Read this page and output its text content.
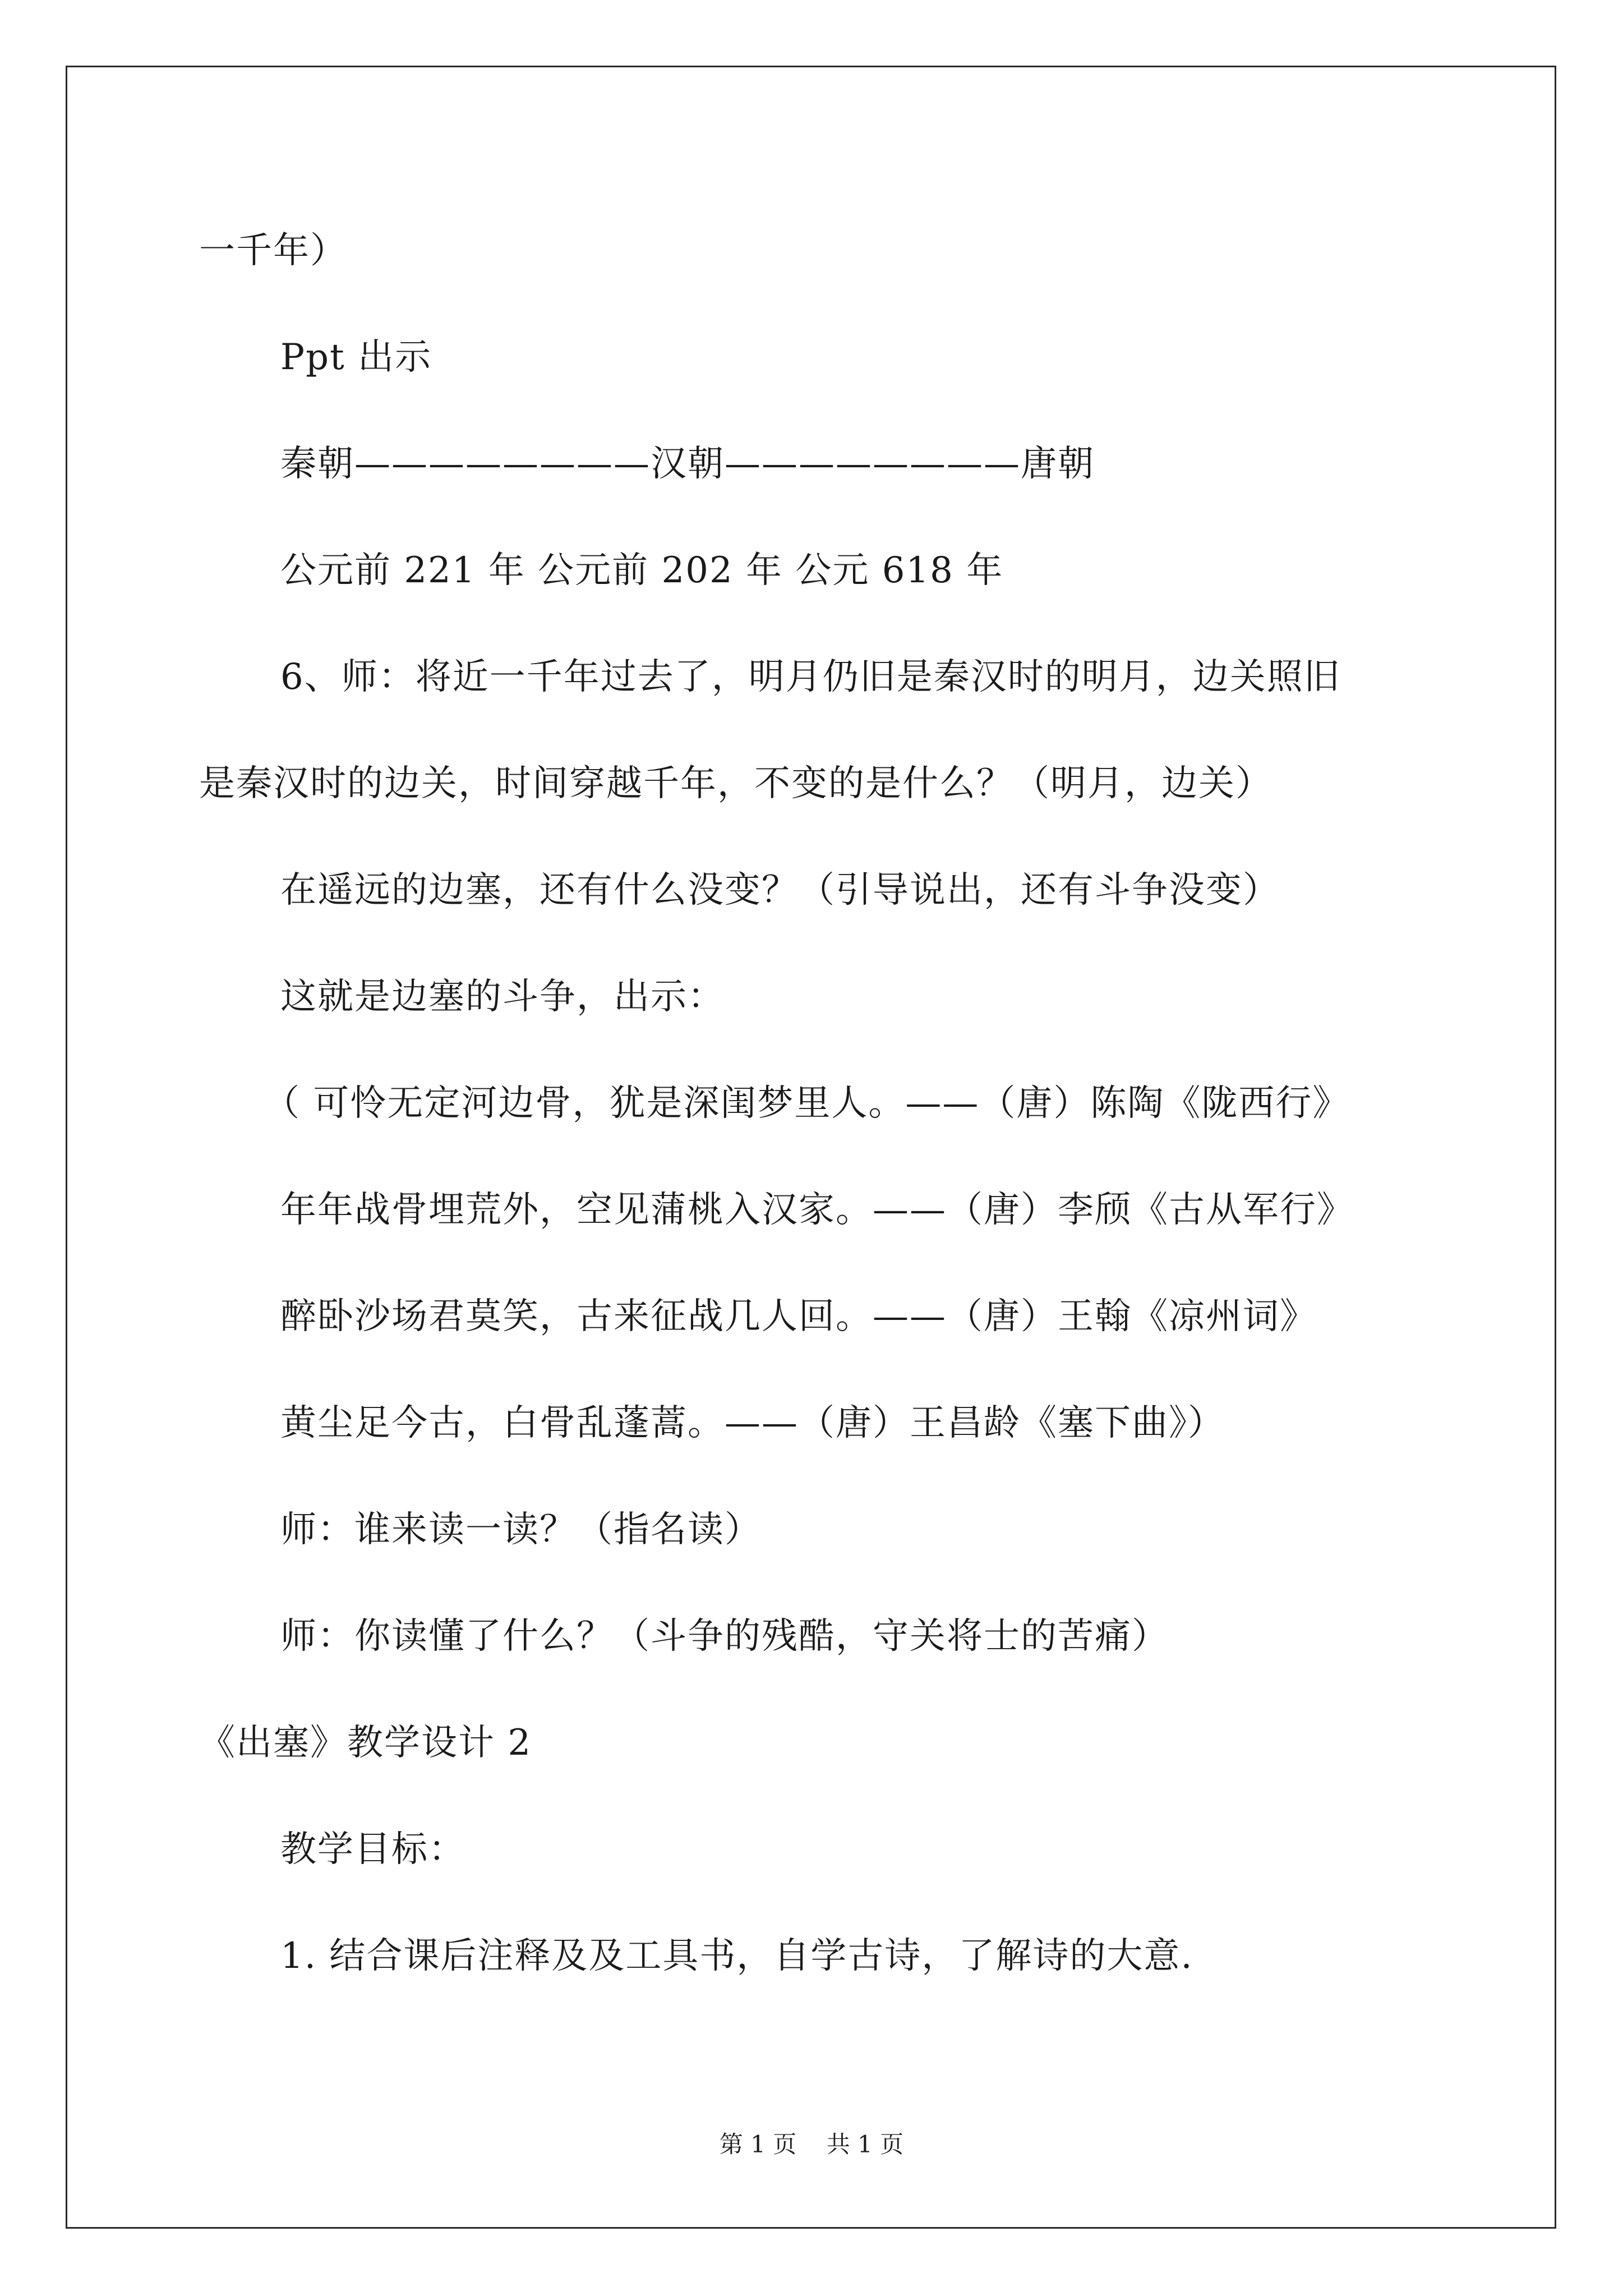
一千年）
Ppt 出示
秦朝————————汉朝————————唐朝
公元前 221 年 公元前 202 年 公元 618 年
6、师：将近一千年过去了，明月仍旧是秦汉时的明月，边关照旧
是秦汉时的边关，时间穿越千年，不变的是什么？（明月，边关）
在遥远的边塞，还有什么没变？（引导说出，还有斗争没变）
这就是边塞的斗争，出示：
（ 可怜无定河边骨，犹是深闺梦里人。——（唐）陈陶《陇西行》
年年战骨埋荒外，空见蒲桃入汉家。——（唐）李颀《古从军行》
醉卧沙场君莫笑，古来征战几人回。——（唐）王翰《凉州词》
黄尘足今古，白骨乱蓬蒿。——（唐）王昌龄《塞下曲》）
师：谁来读一读？（指名读）
师：你读懂了什么？（斗争的残酷，守关将士的苦痛）
《出塞》教学设计 2
教学目标：
1. 结合课后注释及及工具书，自学古诗，了解诗的大意.
第 1 页    共 1 页
